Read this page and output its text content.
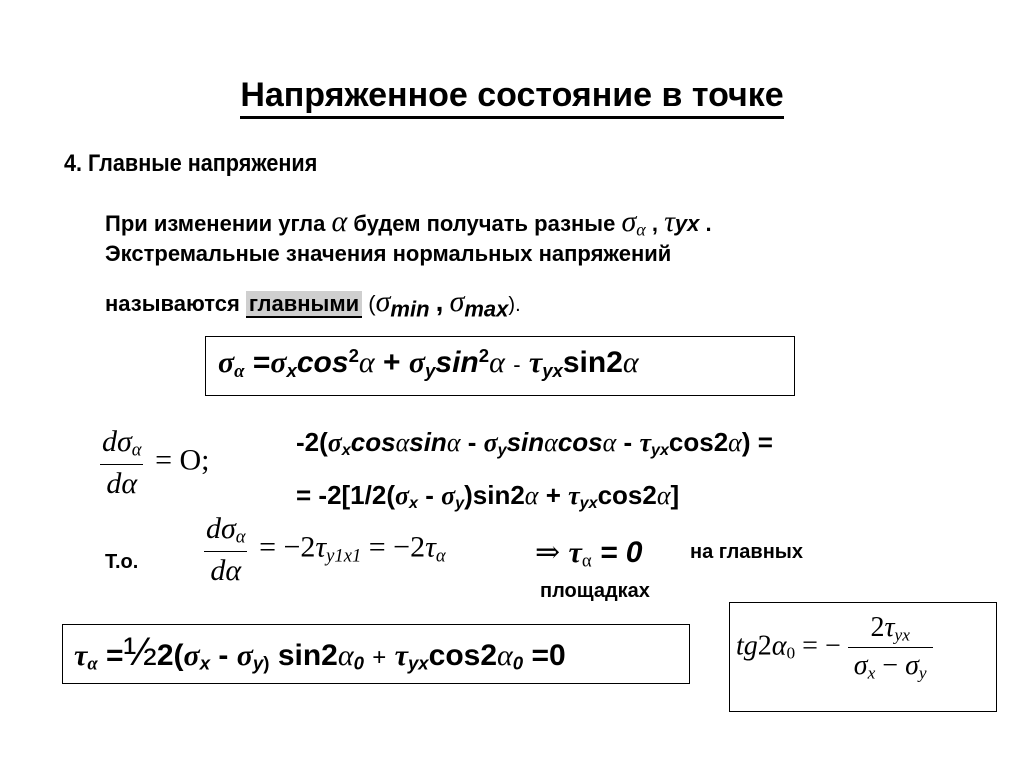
Напряженное состояние в точке
4. Главные напряжения
При изменении угла α будем получать разные $\sigma_\alpha$ , τyx .
Экстремальные значения нормальных напряжений
называются главными (σmin , σmax).
$\sigma_\alpha =\sigma_x\cos^2\alpha + \sigma_y\sin^2\alpha - \tau_{yx}\sin 2\alpha$
$\frac{d\sigma_\alpha}{d\alpha} = O$;
$-2(\sigma_x\cos\alpha\sin\alpha - \sigma_y\sin\alpha\cos\alpha - \tau_{yx}\cos 2\alpha)$ =
= $-2[1/2(\sigma_x - \sigma_y)\sin 2\alpha + \tau_{yx}\cos 2\alpha]$
Т.о. $\frac{d\sigma_\alpha}{d\alpha} = -2\tau_{y1x1} = -2\tau_\alpha$	⇒ $\tau_\alpha = 0$ на главных
площадках
$\tau_\alpha$ $=\frac{1}{2}2(\sigma_x - \sigma_{y)}$ $\sin 2\alpha_0 + \tau_{yx}\cos 2\alpha_0 =0$	$tg2\alpha_0$ = − $\frac{2\tau_{yx}}{\sigma_x - \sigma_y}$
